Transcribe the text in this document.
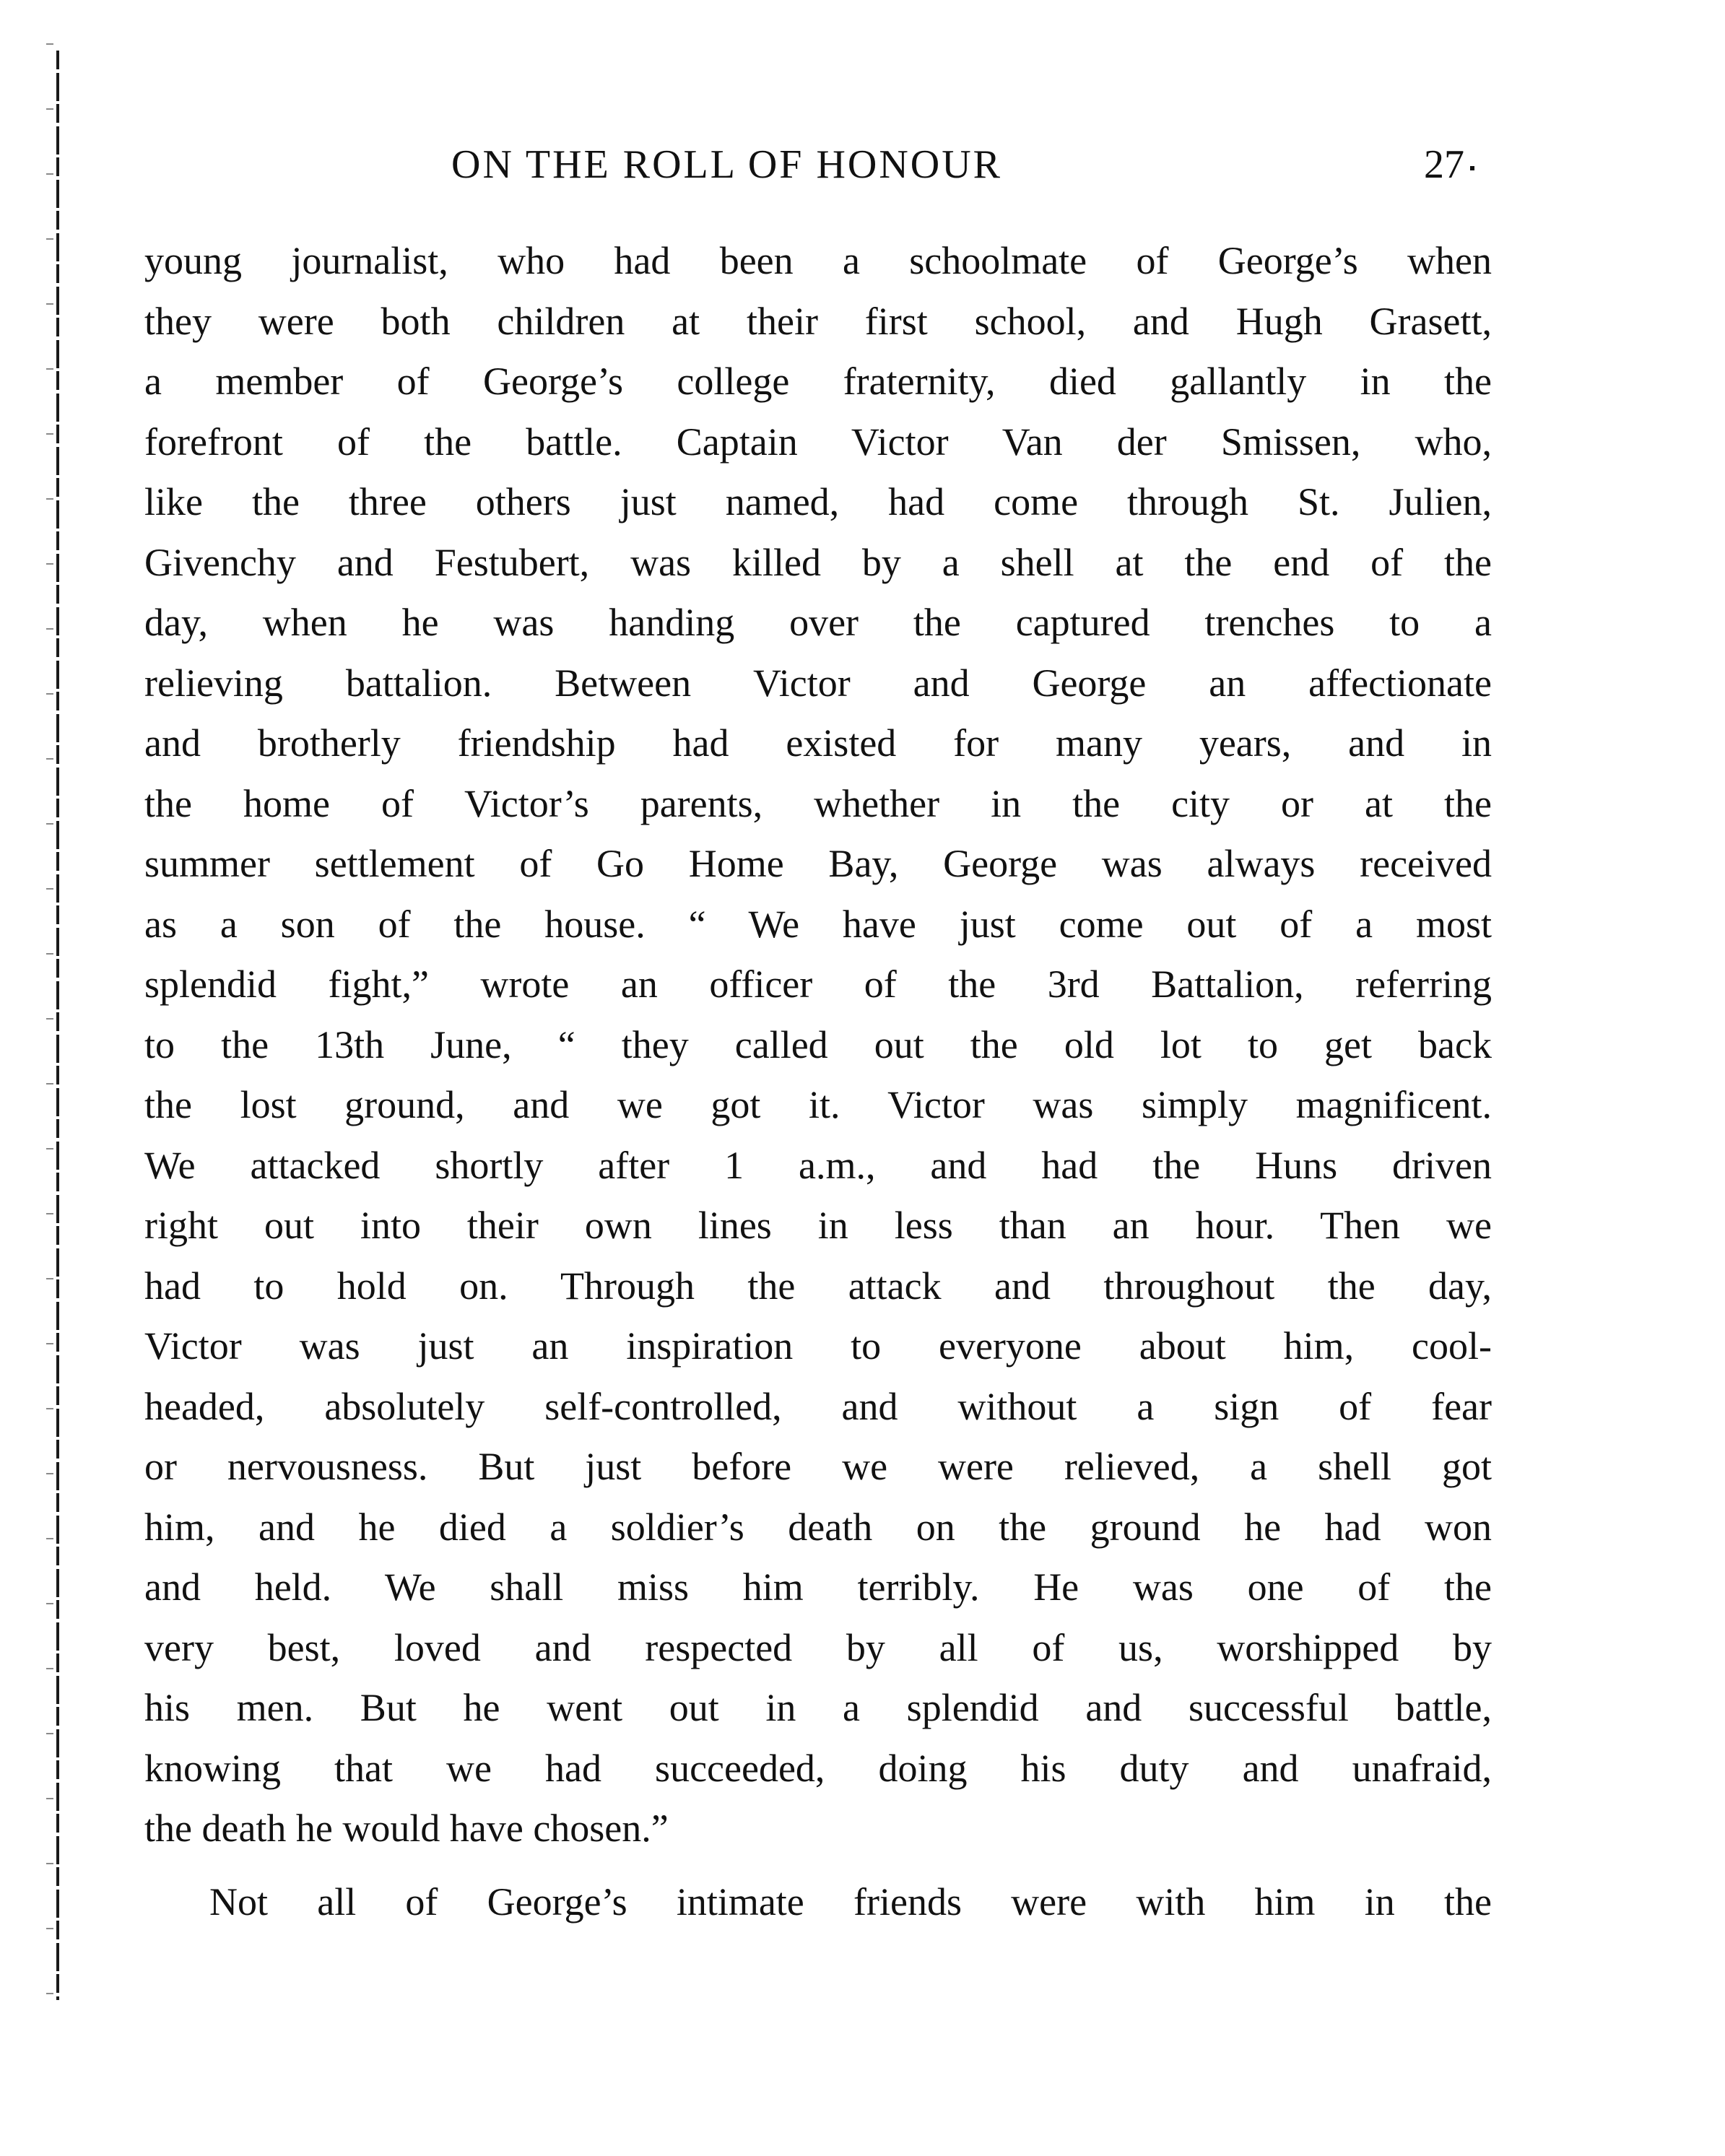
ON THE ROLL OF HONOUR	27
young journalist, who had been a schoolmate of George’s when
they were both children at their first school, and Hugh Grasett,
a member of George’s college fraternity, died gallantly in the
forefront of the battle. Captain Victor Van der Smissen, who,
like the three others just named, had come through St. Julien,
Givenchy and Festubert, was killed by a shell at the end of the
day, when he was handing over the captured trenches to a
relieving battalion. Between Victor and George an affectionate
and brotherly friendship had existed for many years, and in
the home of Victor’s parents, whether in the city or at the
summer settlement of Go Home Bay, George was always received
as a son of the house. “ We have just come out of a most
splendid fight,” wrote an officer of the 3rd Battalion, referring
to the 13th June, “ they called out the old lot to get back
the lost ground, and we got it. Victor was simply magnificent.
We attacked shortly after 1 a.m., and had the Huns driven
right out into their own lines in less than an hour. Then we
had to hold on. Through the attack and throughout the day,
Victor was just an inspiration to everyone about him, cool-
headed, absolutely self-controlled, and without a sign of fear
or nervousness. But just before we were relieved, a shell got
him, and he died a soldier’s death on the ground he had won
and held. We shall miss him terribly. He was one of the
very best, loved and respected by all of us, worshipped by
his men. But he went out in a splendid and successful battle,
knowing that we had succeeded, doing his duty and unafraid,
the death he would have chosen.”
Not all of George’s intimate friends were with him in the
